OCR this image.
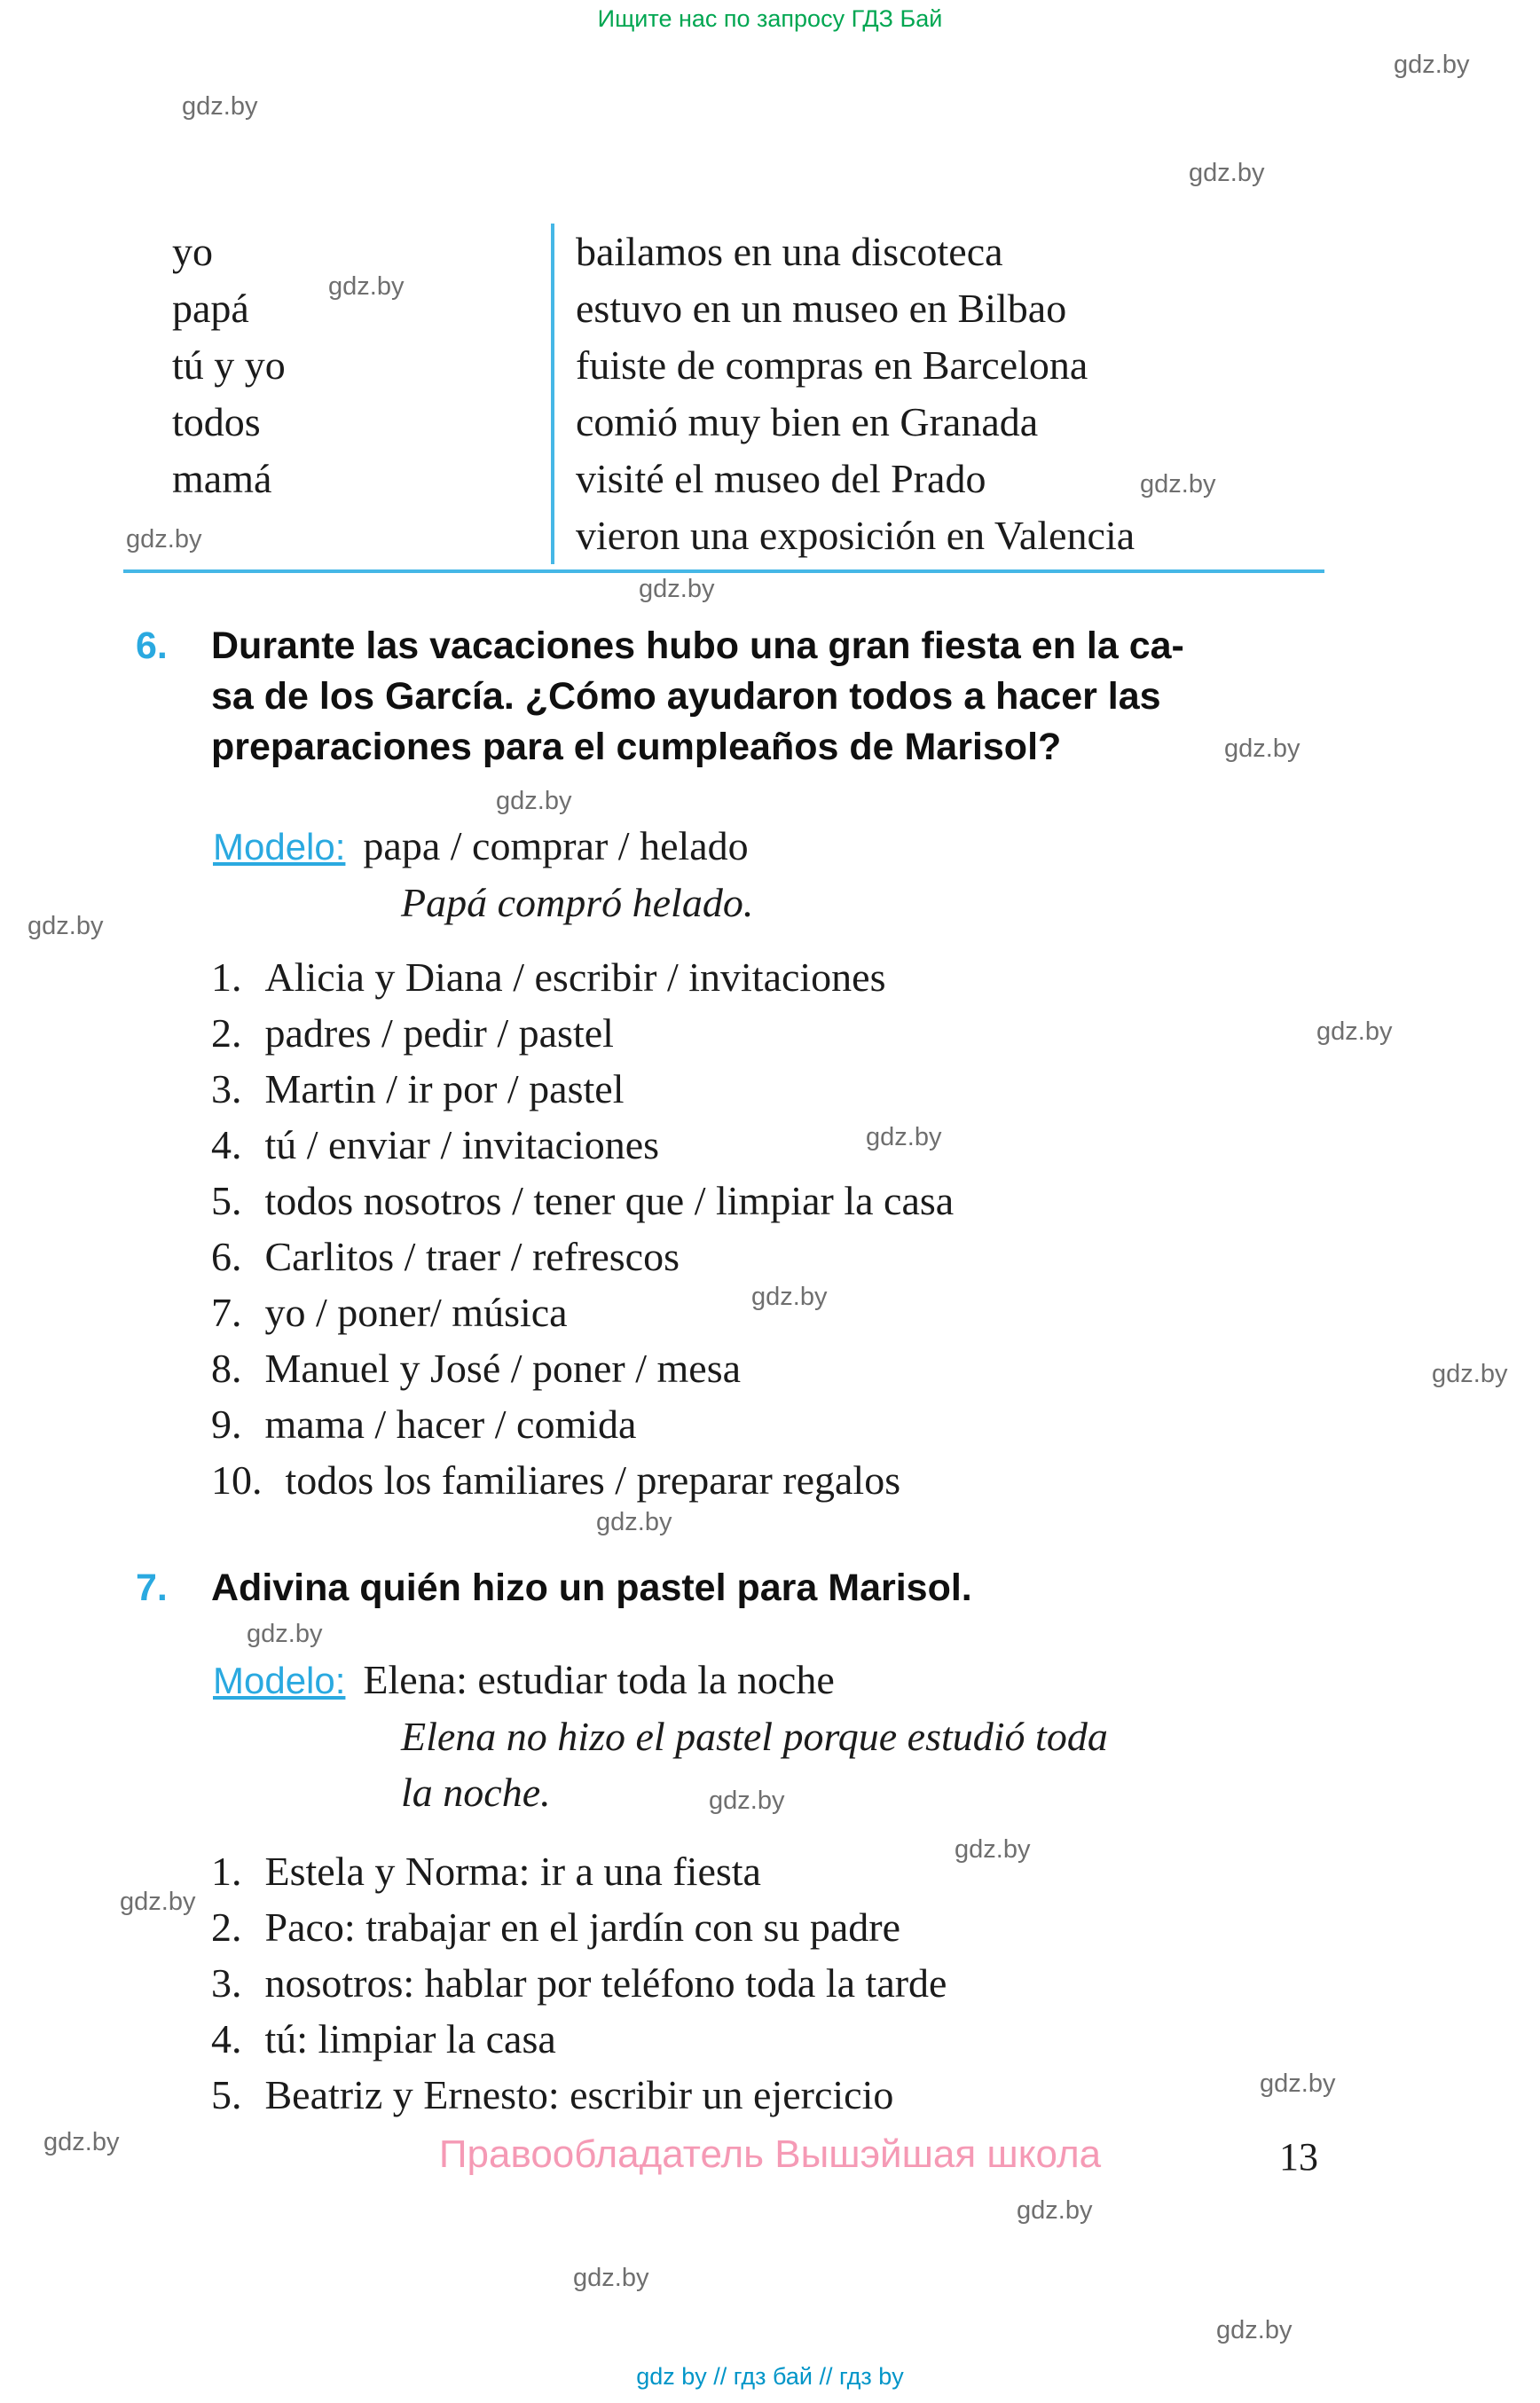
Ищите нас по запросу ГДЗ Бай
gdz.by
gdz.by
gdz.by
gdz.by
gdz.by
gdz.by
gdz.by
gdz.by
gdz.by
gdz.by
gdz.by
gdz.by
gdz.by
gdz.by
gdz.by
gdz.by
gdz.by
gdz.by
gdz.by
gdz.by
gdz.by
gdz.by
gdz.by
gdz.by
yo
papá
tú y yo
todos
mamá
bailamos en una discoteca
estuvo en un museo en Bilbao
fuiste de compras en Barcelona
comió muy bien en Granada
visité el museo del Prado
vieron una exposición en Valencia
6. Durante las vacaciones hubo una gran fiesta en la ca-
sa de los García. ¿Cómo ayudaron todos a hacer las
preparaciones para el cumpleaños de Marisol?
Modelo: papa / comprar / helado
Papá compró helado.
1. Alicia y Diana / escribir / invitaciones
2. padres / pedir / pastel
3. Martin / ir por / pastel
4. tú / enviar / invitaciones
5. todos nosotros / tener que / limpiar la casa
6. Carlitos / traer / refrescos
7. yo / poner/ música
8. Manuel y José / poner / mesa
9. mama / hacer / comida
10. todos los familiares / preparar regalos
7. Adivina quién hizo un pastel para Marisol.
Modelo: Elena: estudiar toda la noche
Elena no hizo el pastel porque estudió toda
la noche.
1. Estela y Norma: ir a una fiesta
2. Paco: trabajar en el jardín con su padre
3. nosotros: hablar por teléfono toda la tarde
4. tú: limpiar la casa
5. Beatriz y Ernesto: escribir un ejercicio
Правообладатель Вышэйшая школа	13
gdz by // гдз бай // гдз by
